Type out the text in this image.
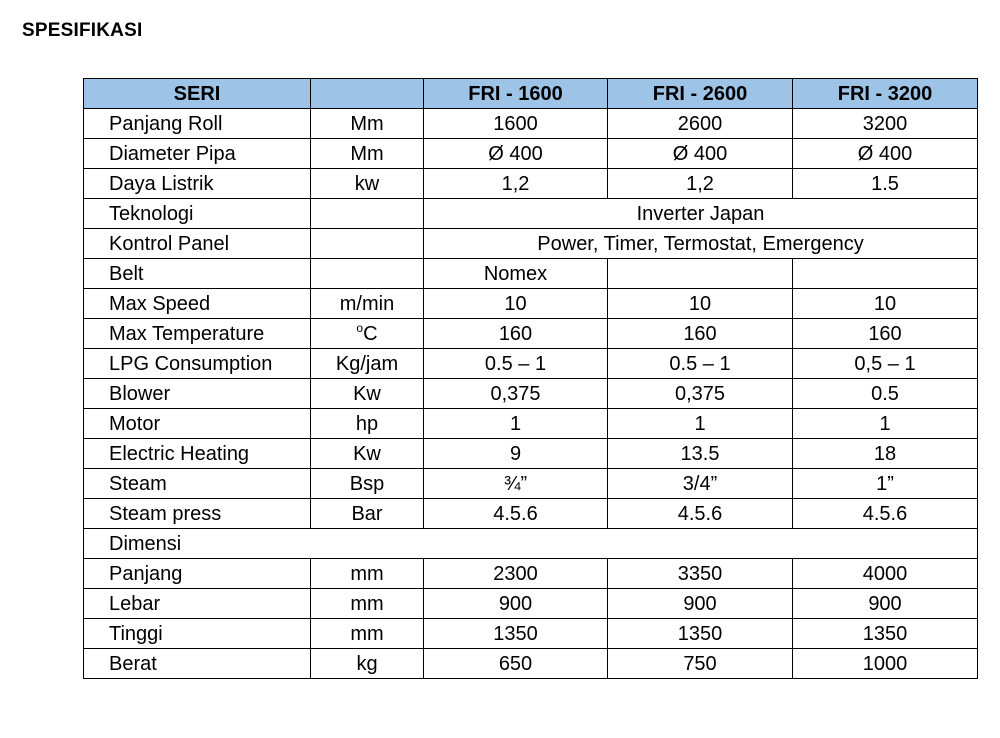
SPESIFIKASI
SERI		FRI - 1600	FRI - 2600	FRI - 3200
Panjang Roll	Mm	1600	2600	3200
Diameter Pipa	Mm	Ø 400	Ø 400	Ø 400
Daya Listrik	kw	1,2	1,2	1.5
Teknologi		Inverter Japan		
Kontrol Panel		Power, Timer, Termostat, Emergency		
Belt		Nomex		
Max Speed	m/min	10	10	10
Max Temperature	$^o$C	160	160	160
LPG Consumption	Kg/jam	0.5 – 1	0.5 – 1	0,5 – 1
Blower	Kw	0,375	0,375	0.5
Motor	hp	1	1	1
Electric Heating	Kw	9	13.5	18
Steam	Bsp	¾”	3/4”	1”
Steam press	Bar	4.5.6	4.5.6	4.5.6
Dimensi				
Panjang	mm	2300	3350	4000
Lebar	mm	900	900	900
Tinggi	mm	1350	1350	1350
Berat	kg	650	750	1000
